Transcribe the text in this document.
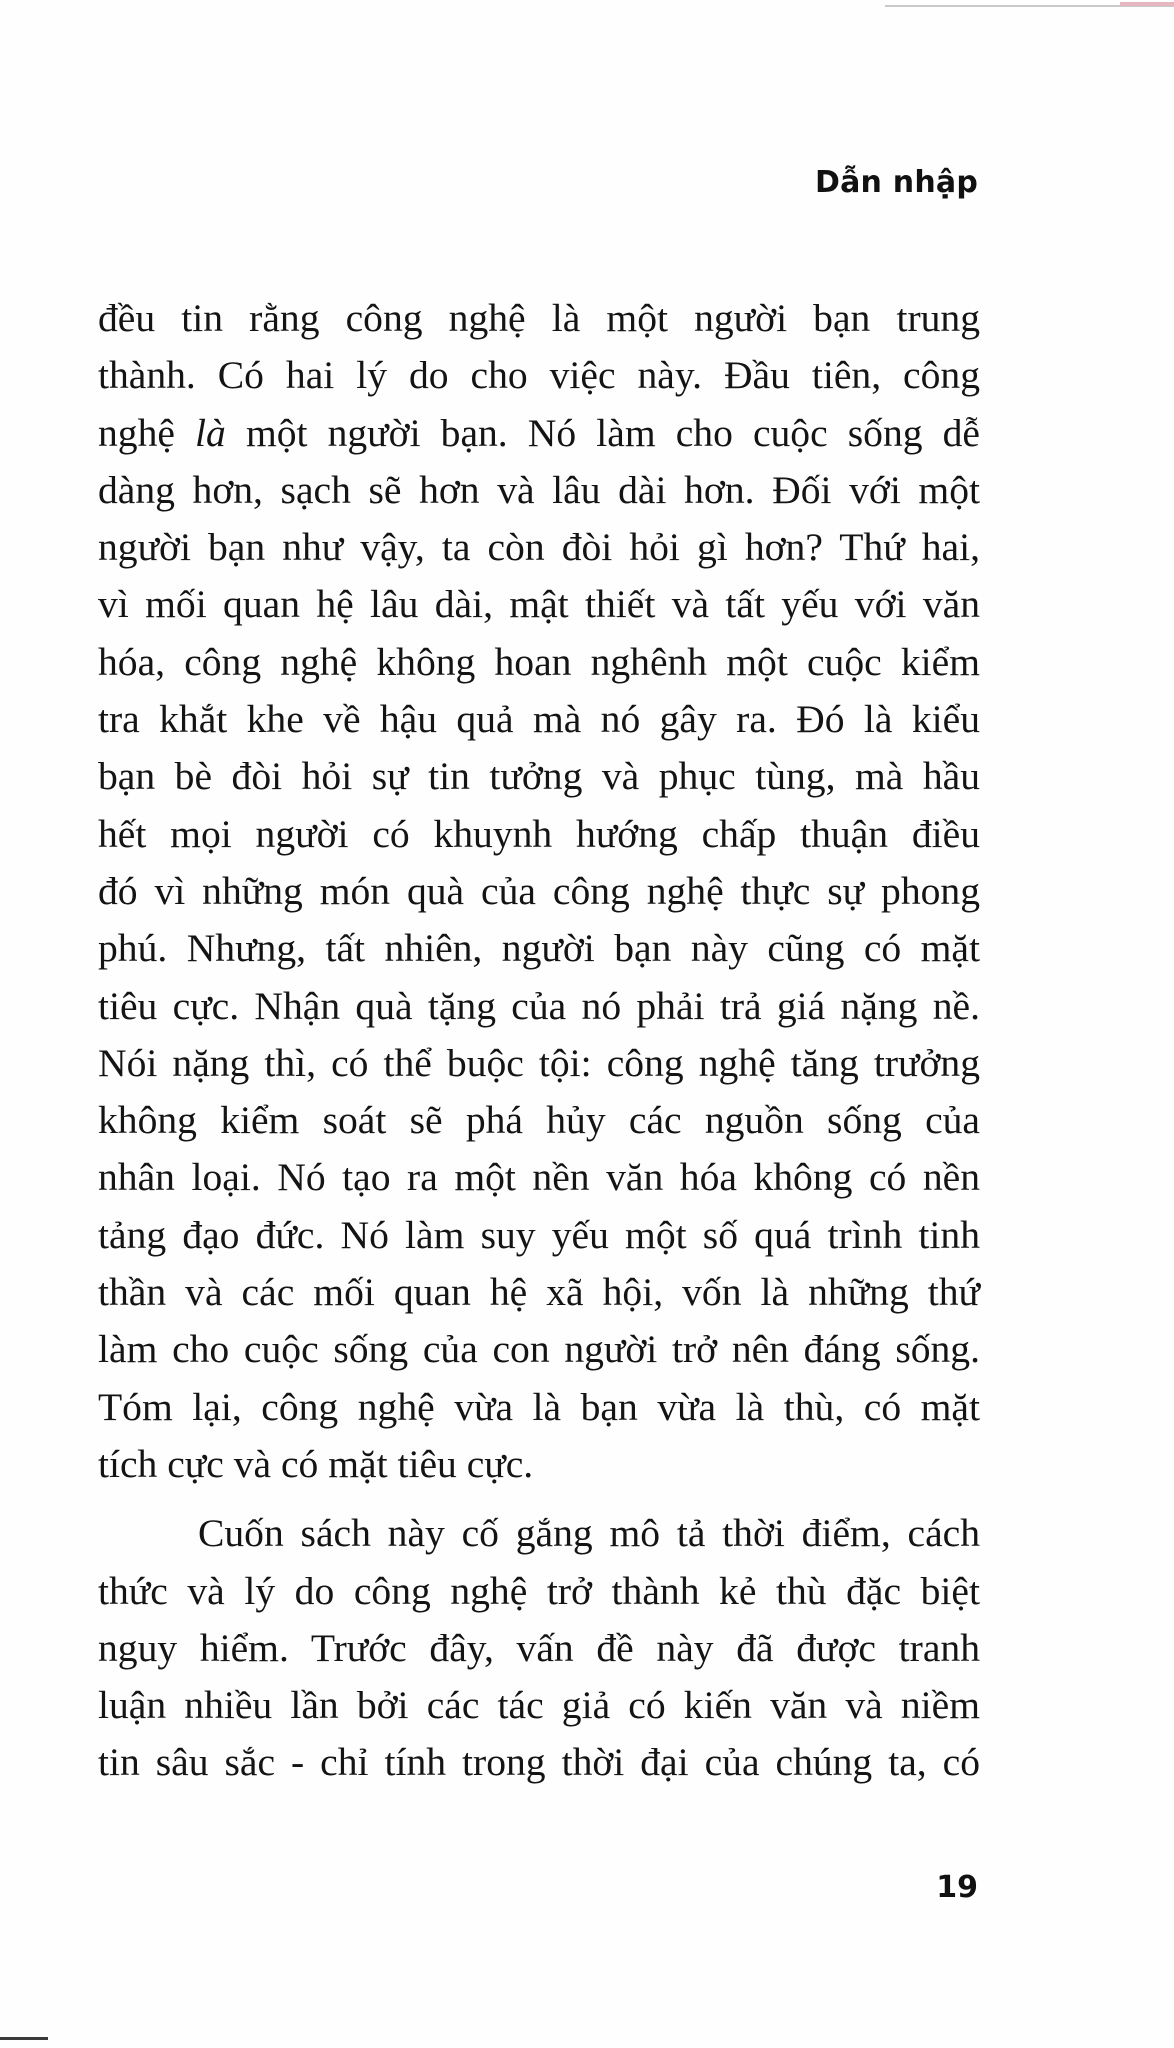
Dẫn nhập
đều tin rằng công nghệ là một người bạn trung
thành. Có hai lý do cho việc này. Đầu tiên, công
nghệ là một người bạn. Nó làm cho cuộc sống dễ
dàng hơn, sạch sẽ hơn và lâu dài hơn. Đối với một
người bạn như vậy, ta còn đòi hỏi gì hơn? Thứ hai,
vì mối quan hệ lâu dài, mật thiết và tất yếu với văn
hóa, công nghệ không hoan nghênh một cuộc kiểm
tra khắt khe về hậu quả mà nó gây ra. Đó là kiểu
bạn bè đòi hỏi sự tin tưởng và phục tùng, mà hầu
hết mọi người có khuynh hướng chấp thuận điều
đó vì những món quà của công nghệ thực sự phong
phú. Nhưng, tất nhiên, người bạn này cũng có mặt
tiêu cực. Nhận quà tặng của nó phải trả giá nặng nề.
Nói nặng thì, có thể buộc tội: công nghệ tăng trưởng
không kiểm soát sẽ phá hủy các nguồn sống của
nhân loại. Nó tạo ra một nền văn hóa không có nền
tảng đạo đức. Nó làm suy yếu một số quá trình tinh
thần và các mối quan hệ xã hội, vốn là những thứ
làm cho cuộc sống của con người trở nên đáng sống.
Tóm lại, công nghệ vừa là bạn vừa là thù, có mặt
tích cực và có mặt tiêu cực.
Cuốn sách này cố gắng mô tả thời điểm, cách
thức và lý do công nghệ trở thành kẻ thù đặc biệt
nguy hiểm. Trước đây, vấn đề này đã được tranh
luận nhiều lần bởi các tác giả có kiến văn và niềm
tin sâu sắc - chỉ tính trong thời đại của chúng ta, có
19
